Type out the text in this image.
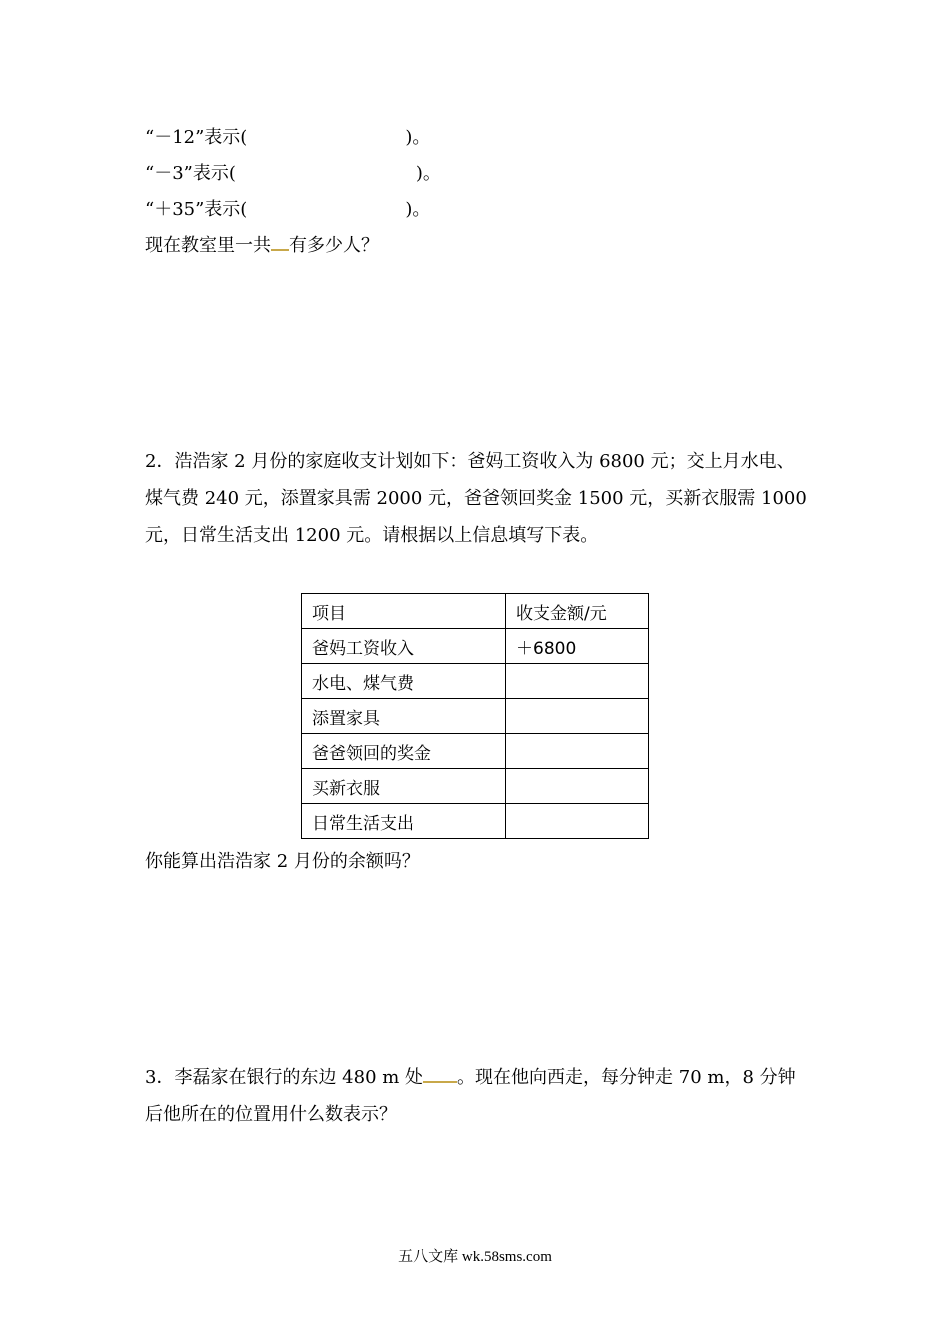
“－12”表示(	)。
“－3”表示(	)。
“＋35”表示(	)。
现在教室里一共 有多少人？
2．浩浩家 2 月份的家庭收支计划如下：爸妈工资收入为 6800 元；交上月水电、
煤气费 240 元，添置家具需 2000 元，爸爸领回奖金 1500 元，买新衣服需 1000
元，日常生活支出 1200 元。请根据以上信息填写下表。
项目	收支金额/元
爸妈工资收入	＋6800
水电、煤气费	
添置家具	
爸爸领回的奖金	
买新衣服	
日常生活支出	
你能算出浩浩家 2 月份的余额吗？
3．李磊家在银行的东边 480 m 处 。现在他向西走，每分钟走 70 m，8 分钟
后他所在的位置用什么数表示？
五八文库 wk.58sms.com
